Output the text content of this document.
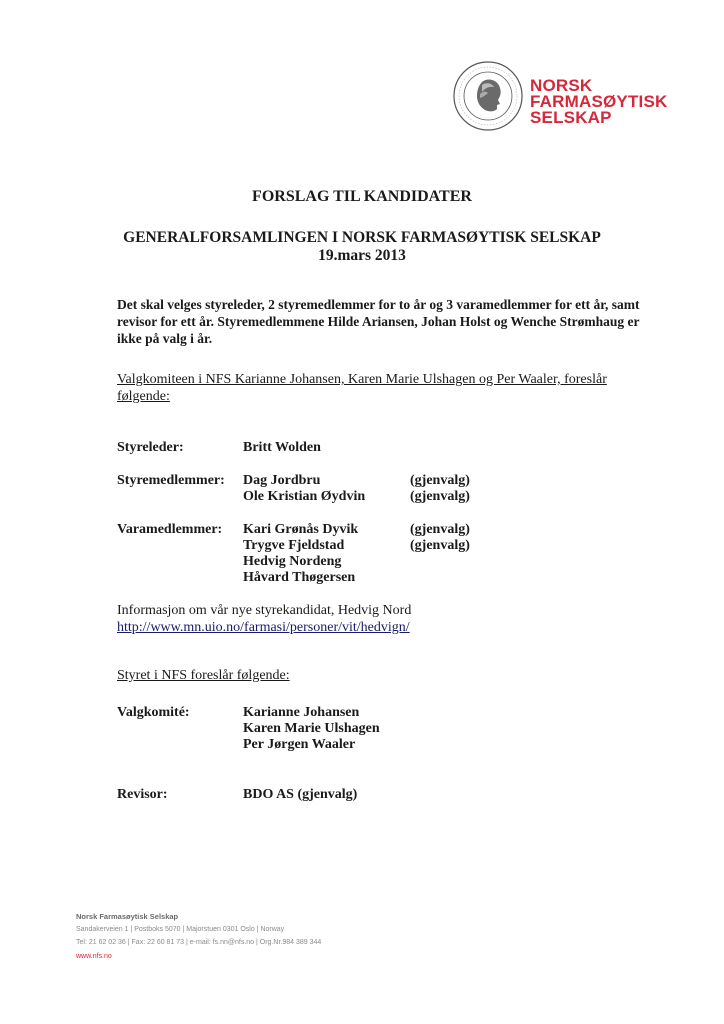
NORSK
FARMASØYTISK
SELSKAP
FORSLAG TIL KANDIDATER
GENERALFORSAMLINGEN I NORSK FARMASØYTISK SELSKAP
19.mars 2013
Det skal velges styreleder, 2 styremedlemmer for to år og 3 varamedlemmer for ett år, samt revisor for ett år. Styremedlemmene Hilde Ariansen, Johan Holst og Wenche Strømhaug er ikke på valg i år.
Valgkomiteen i NFS Karianne Johansen, Karen Marie Ulshagen og Per Waaler, foreslår følgende:
Styreleder:	Britt Wolden
Styremedlemmer: Dag Jordbru	(gjenvalg)
Ole Kristian Øydvin	(gjenvalg)
Varamedlemmer: Kari Grønås Dyvik	(gjenvalg)
Trygve Fjeldstad	(gjenvalg)
Hedvig Nordeng
Håvard Thøgersen
Informasjon om vår nye styrekandidat, Hedvig Nord
http://www.mn.uio.no/farmasi/personer/vit/hedvign/
Styret i NFS foreslår følgende:
Valgkomité:	Karianne Johansen
Karen Marie Ulshagen
Per Jørgen Waaler
Revisor:	BDO AS (gjenvalg)
Norsk Farmasøytisk Selskap
Sandakerveien 1 | Postboks 5070 | Majorstuen 0301 Oslo | Norway
Tel: 21 62 02 36 | Fax: 22 60 81 73 | e-mail: fs.nn@nfs.no | Org.Nr.984 389 344
www.nfs.no
